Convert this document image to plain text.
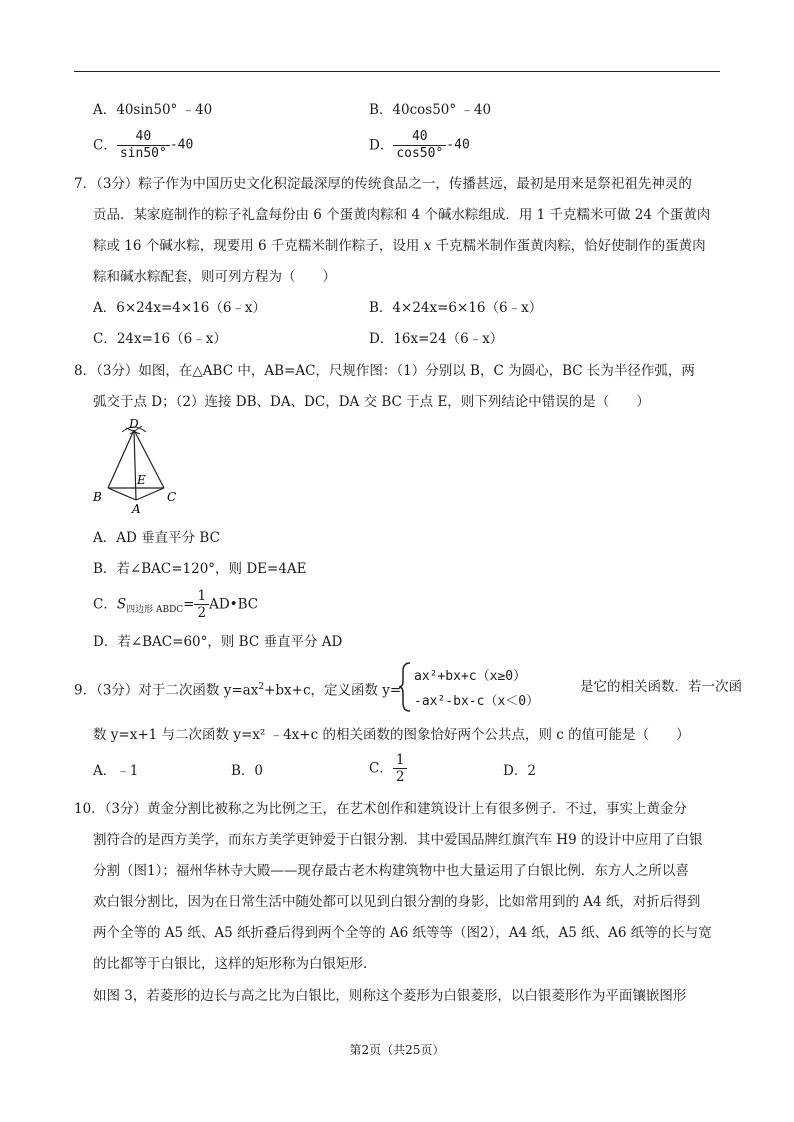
A．40sin50° ﹣40	B．40cos50° ﹣40
C． $\frac{40}{\sin 50^\circ} -40$	D． $\frac{40}{\cos 50^\circ} -40$
7．（3分）粽子作为中国历史文化积淀最深厚的传统食品之一，传播甚远，最初是用来是祭祀祖先神灵的
贡品．某家庭制作的粽子礼盒每份由 6 个蛋黄肉粽和 4 个碱水粽组成．用 1 千克糯米可做 24 个蛋黄肉
粽或 16 个碱水粽，现要用 6 千克糯米制作粽子，设用 x 千克糯米制作蛋黄肉粽，恰好使制作的蛋黄肉
粽和碱水粽配套，则可列方程为（　　）
A．6×24x=4×16（6﹣x）	B．4×24x=6×16（6﹣x）
C．24x=16（6﹣x）	D．16x=24（6﹣x）
8．（3分）如图，在△ABC 中，AB=AC，尺规作图：（1）分别以 B，C 为圆心，BC 长为半径作弧，两
弧交于点 D；（2）连接 DB、DA、DC，DA 交 BC 于点 E，则下列结论中错误的是（　　）
D
E
B	C
A
A．AD 垂直平分 BC
B．若∠BAC=120°，则 DE=4AE
C．$S_{四边形 ABDC}= \frac{1}{2}$ AD•BC
D．若∠BAC=60°，则 BC 垂直平分 AD
9．（3分）对于二次函数 $y=ax^2+bx+c$，定义函数 y=
ax²+bx+c（x≥0）
-ax²-bx-c（x＜0）
是它的相关函数．若一次函
数 y=x+1 与二次函数 y=x² ﹣4x+c 的相关函数的图象恰好两个公共点，则 c 的值可能是（　　）
A．﹣1	B．0	C． $\frac{1}{2}$	D．2
10．（3分）黄金分割比被称之为比例之王，在艺术创作和建筑设计上有很多例子．不过，事实上黄金分
割符合的是西方美学，而东方美学更钟爱于白银分割．其中爱国品牌红旗汽车 H9 的设计中应用了白银
分割（图1）；福州华林寺大殿——现存最古老木构建筑物中也大量运用了白银比例．东方人之所以喜
欢白银分割比，因为在日常生活中随处都可以见到白银分割的身影，比如常用到的 A4 纸，对折后得到
两个全等的 A5 纸、A5 纸折叠后得到两个全等的 A6 纸等等（图2），A4 纸，A5 纸、A6 纸等的长与宽
的比都等于白银比，这样的矩形称为白银矩形．
如图 3，若菱形的边长与高之比为白银比，则称这个菱形为白银菱形，以白银菱形作为平面镶嵌图形
第2页（共25页）
